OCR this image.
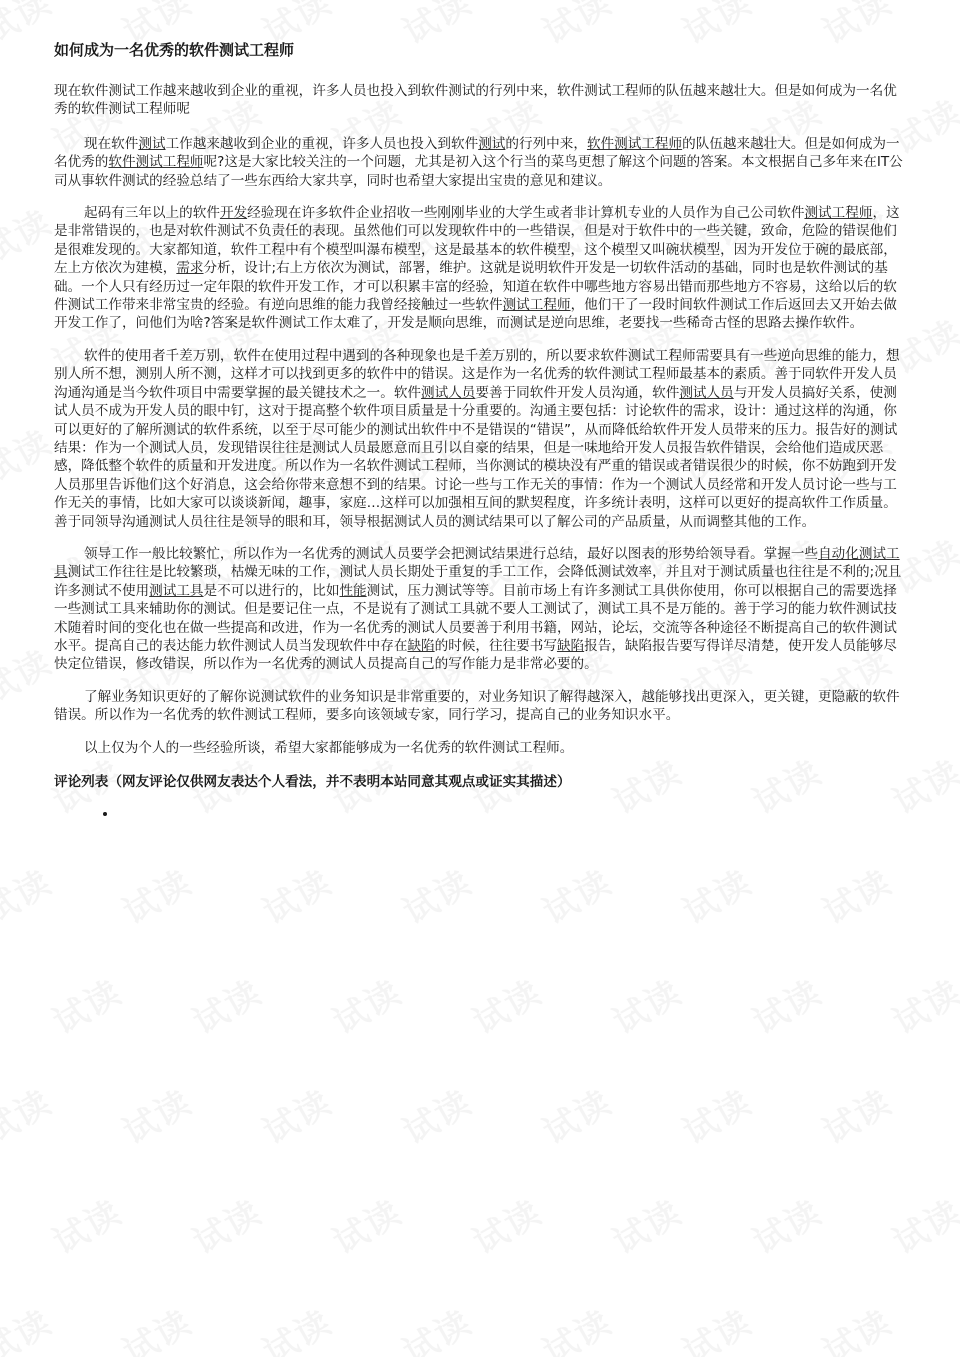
如何成为一名优秀的软件测试工程师
现在软件测试工作越来越收到企业的重视，许多人员也投入到软件测试的行列中来，软件测试工程师的队伍越来越壮大。但是如何成为一名优秀的软件测试工程师呢

现在软件测试工作越来越收到企业的重视，许多人员也投入到软件测试的行列中来，软件测试工程师的队伍越来越壮大。但是如何成为一名优秀的软件测试工程师呢?这是大家比较关注的一个问题，尤其是初入这个行当的菜鸟更想了解这个问题的答案。本文根据自己多年来在IT公司从事软件测试的经验总结了一些东西给大家共享，同时也希望大家提出宝贵的意见和建议。

起码有三年以上的软件开发经验现在许多软件企业招收一些刚刚毕业的大学生或者非计算机专业的人员作为自己公司软件测试工程师，这是非常错误的，也是对软件测试不负责任的表现。虽然他们可以发现软件中的一些错误，但是对于软件中的一些关键，致命，危险的错误他们是很难发现的。大家都知道，软件工程中有个模型叫瀑布模型，这是最基本的软件模型，这个模型又叫碗状模型，因为开发位于碗的最底部，左上方依次为建模，需求分析，设计;右上方依次为测试，部署，维护。这就是说明软件开发是一切软件活动的基础，同时也是软件测试的基础。一个人只有经历过一定年限的软件开发工作，才可以积累丰富的经验，知道在软件中哪些地方容易出错而那些地方不容易，这给以后的软件测试工作带来非常宝贵的经验。有逆向思维的能力我曾经接触过一些软件测试工程师，他们干了一段时间软件测试工作后返回去又开始去做开发工作了，问他们为啥?答案是软件测试工作太难了，开发是顺向思维，而测试是逆向思维，老要找一些稀奇古怪的思路去操作软件。

软件的使用者千差万别，软件在使用过程中遇到的各种现象也是千差万别的，所以要求软件测试工程师需要具有一些逆向思维的能力，想别人所不想，测别人所不测，这样才可以找到更多的软件中的错误。这是作为一名优秀的软件测试工程师最基本的素质。善于同软件开发人员沟通沟通是当今软件项目中需要掌握的最关键技术之一。软件测试人员要善于同软件开发人员沟通，软件测试人员与开发人员搞好关系，使测试人员不成为开发人员的眼中钉，这对于提高整个软件项目质量是十分重要的。沟通主要包括：讨论软件的需求，设计：通过这样的沟通，你可以更好的了解所测试的软件系统，以至于尽可能少的测试出软件中不是错误的“错误”，从而降低给软件开发人员带来的压力。报告好的测试结果：作为一个测试人员，发现错误往往是测试人员最愿意而且引以自豪的结果，但是一味地给开发人员报告软件错误，会给他们造成厌恶感，降低整个软件的质量和开发进度。所以作为一名软件测试工程师，当你测试的模块没有严重的错误或者错误很少的时候，你不妨跑到开发人员那里告诉他们这个好消息，这会给你带来意想不到的结果。讨论一些与工作无关的事情：作为一个测试人员经常和开发人员讨论一些与工作无关的事情，比如大家可以谈谈新闻，趣事，家庭…这样可以加强相互间的默契程度，许多统计表明，这样可以更好的提高软件工作质量。善于同领导沟通测试人员往往是领导的眼和耳，领导根据测试人员的测试结果可以了解公司的产品质量，从而调整其他的工作。

领导工作一般比较繁忙，所以作为一名优秀的测试人员要学会把测试结果进行总结，最好以图表的形势给领导看。掌握一些自动化测试工具测试工作往往是比较繁琐，枯燥无味的工作，测试人员长期处于重复的手工工作，会降低测试效率，并且对于测试质量也往往是不利的;况且许多测试不使用测试工具是不可以进行的，比如性能测试，压力测试等等。目前市场上有许多测试工具供你使用，你可以根据自己的需要选择一些测试工具来辅助你的测试。但是要记住一点，不是说有了测试工具就不要人工测试了，测试工具不是万能的。善于学习的能力软件测试技术随着时间的变化也在做一些提高和改进，作为一名优秀的测试人员要善于利用书籍，网站，论坛，交流等各种途径不断提高自己的软件测试水平。提高自己的表达能力软件测试人员当发现软件中存在缺陷的时候，往往要书写缺陷报告，缺陷报告要写得详尽清楚，使开发人员能够尽快定位错误，修改错误，所以作为一名优秀的测试人员提高自己的写作能力是非常必要的。

了解业务知识更好的了解你说测试软件的业务知识是非常重要的，对业务知识了解得越深入，越能够找出更深入，更关键，更隐蔽的软件错误。所以作为一名优秀的软件测试工程师，要多向该领域专家，同行学习，提高自己的业务知识水平。

以上仅为个人的一些经验所谈，希望大家都能够成为一名优秀的软件测试工程师。

评论列表（网友评论仅供网友表达个人看法，并不表明本站同意其观点或证实其描述）
•
